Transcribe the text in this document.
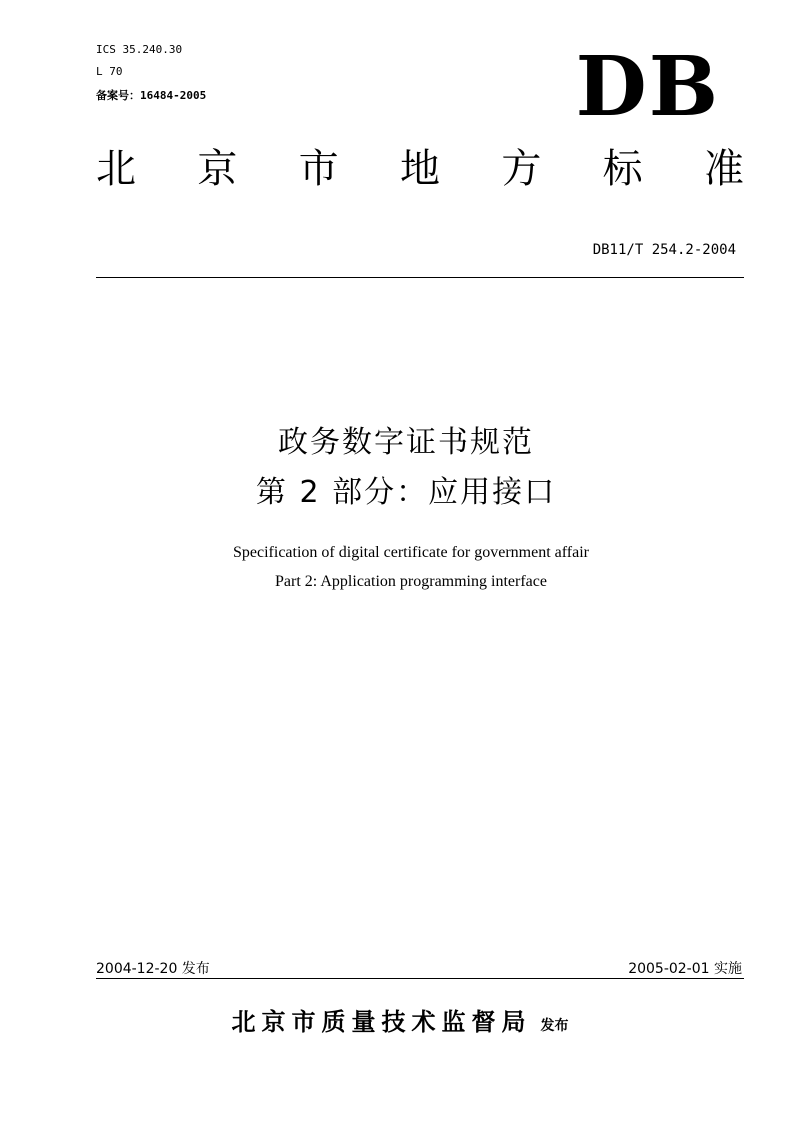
ICS 35.240.30
L 70
备案号：16484-2005	DB
北 京 市 地 方 标 准
DB11/T 254.2-2004
政务数字证书规范
第 2 部分：应用接口
Specification of digital certificate for government affair
Part 2: Application programming interface
2004-12-20 发布	2005-02-01 实施
北京市质量技术监督局 发布
